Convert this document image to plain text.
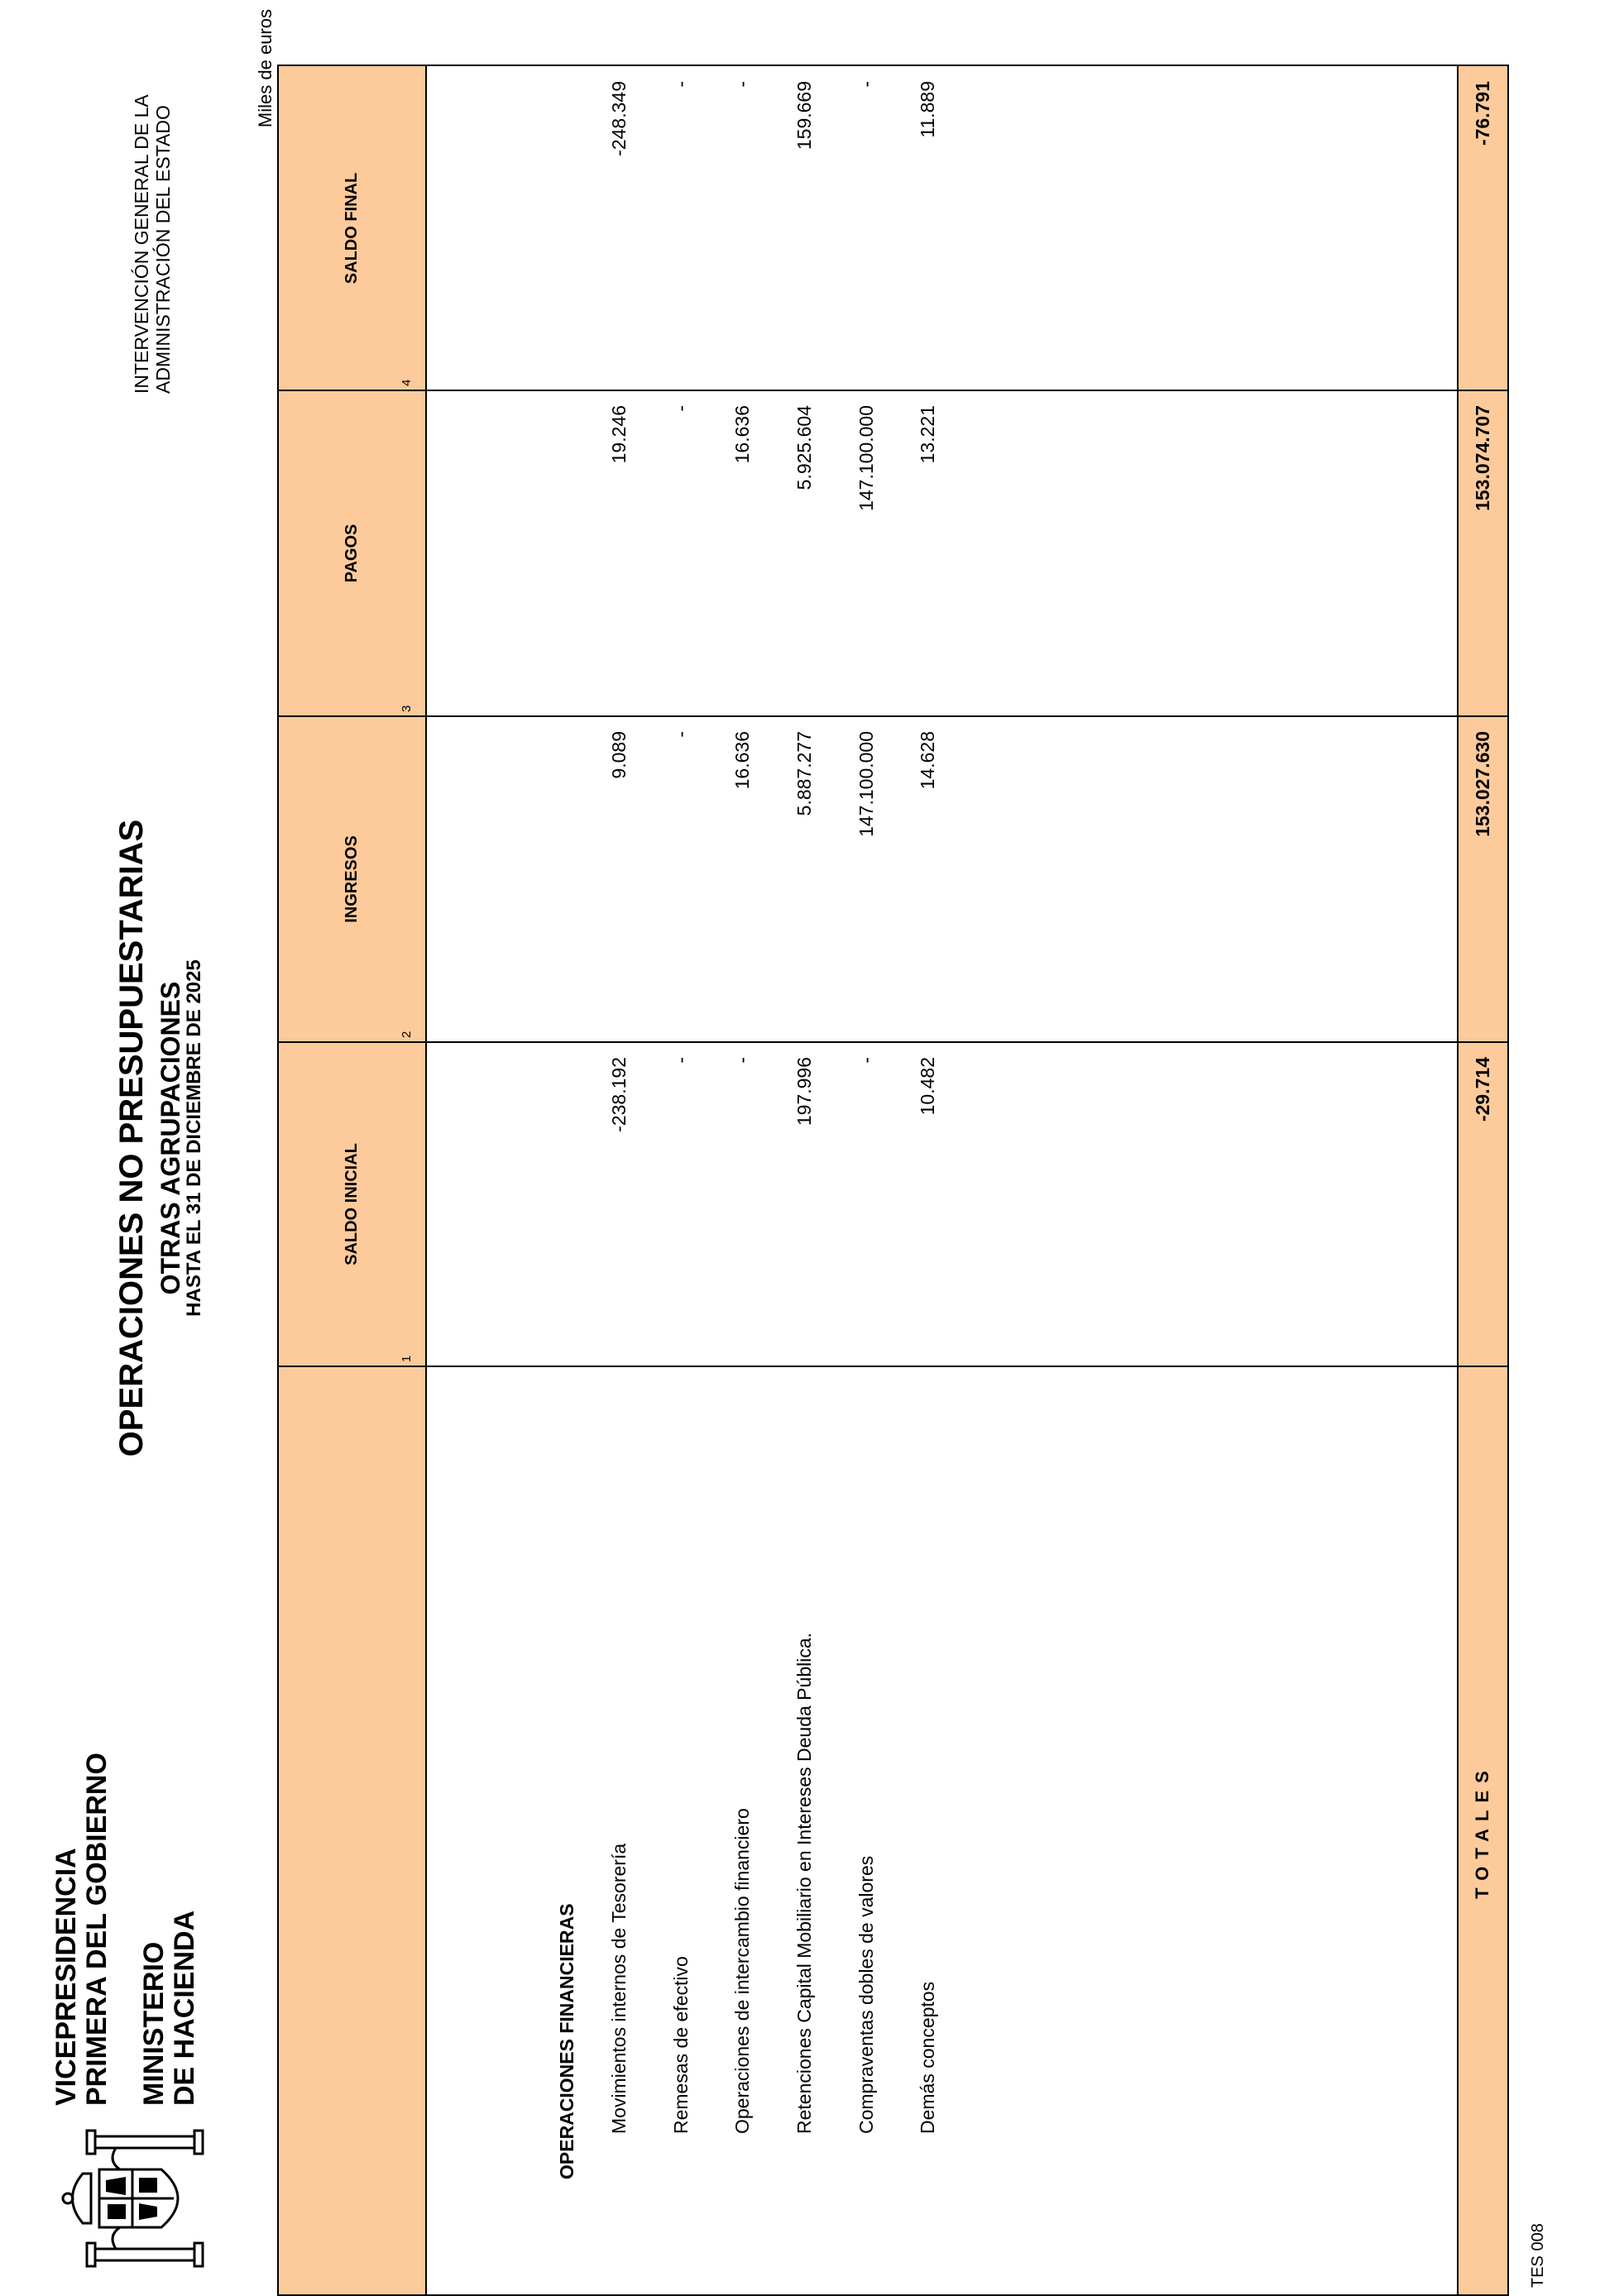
VICEPRESIDENCIA PRIMERA DEL GOBIERNO MINISTERIO DE HACIENDA
OPERACIONES NO PRESUPUESTARIAS OTRAS AGRUPACIONES
HASTA EL 31 DE DICIEMBRE DE 2025
INTERVENCIÓN GENERAL DE LA ADMINISTRACIÓN DEL ESTADO
Miles de euros
SALDO INICIAL
INGRESOS
PAGOS
SALDO FINAL
1
2
3
4
OPERACIONES FINANCIERAS Movimientos internos de Tesorería
-238.192
9.089
19.246
-248.349
Remesas de efectivo
-
-
-
-
Operaciones de intercambio financiero
-
16.636
16.636
-
Retenciones Capital Mobiliario en Intereses Deuda Pública.
197.996
5.887.277
5.925.604
159.669
Compraventas dobles de valores
-
147.100.000
147.100.000
-
Demás conceptos
10.482
14.628
13.221
11.889
TOTALES
-29.714
153.027.630
153.074.707
-76.791
TES 008
